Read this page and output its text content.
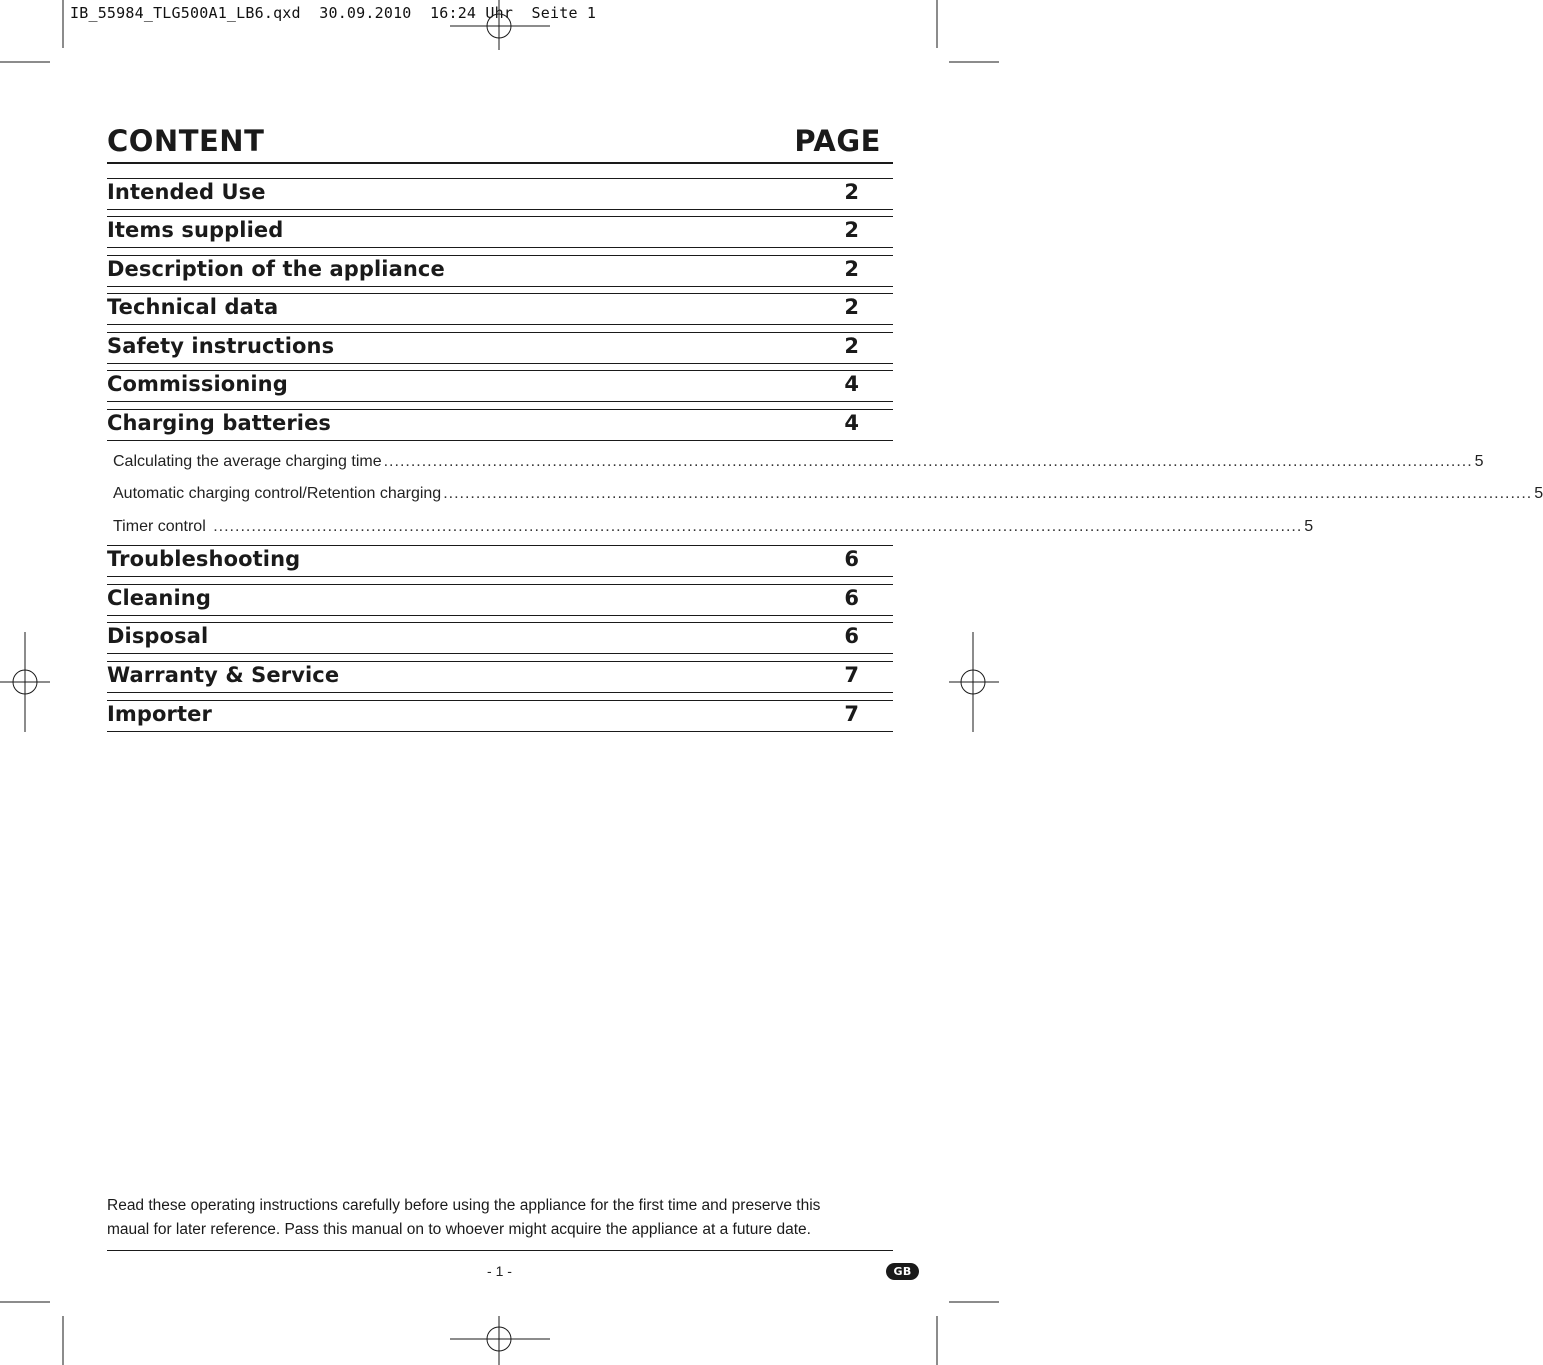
IB_55984_TLG500A1_LB6.qxd  30.09.2010  16:24 Uhr  Seite 1
CONTENT	PAGE
Intended Use	2
Items supplied	2
Description of the appliance	2
Technical data	2
Safety instructions	2
Commissioning	4
Charging batteries	4
Calculating the average charging time ........................................................................................................................................................................................................ 5
Automatic charging control/Retention charging ........................................................................................................................................................................................................ 5
Timer control ........................................................................................................................................................................................................ 5
Troubleshooting	6
Cleaning	6
Disposal	6
Warranty & Service	7
Importer	7

Read these operating instructions carefully before using the appliance for the first time and preserve this

maual for later reference. Pass this manual on to whoever might acquire the appliance at a future date.

- 1 -	GB
